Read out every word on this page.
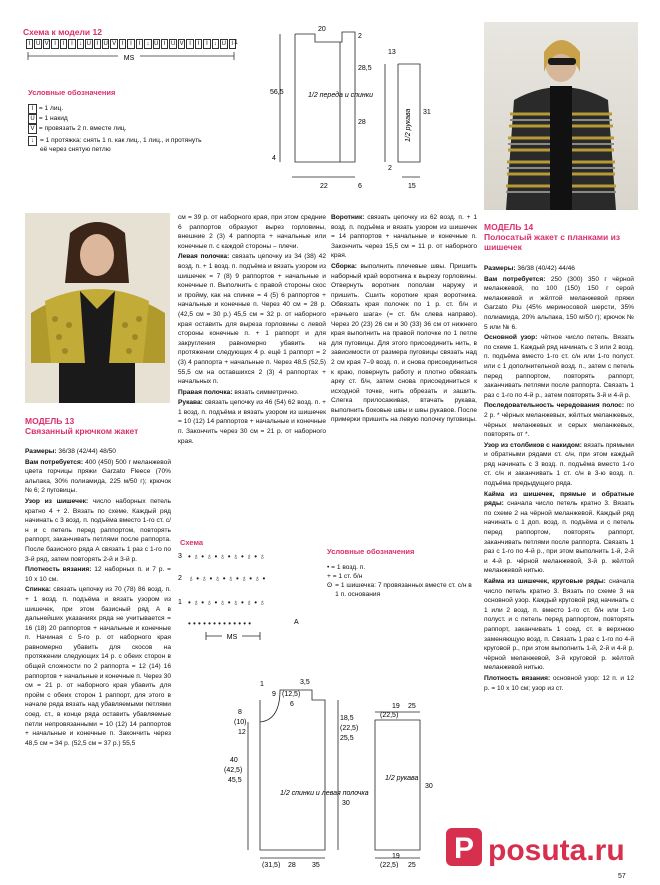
Схема к модели 12
I U V I	I	I	↓ U I U V I	I	I	↓ U I U V I	I	I	↓ U I 1
MS
Условные обозначения
I = 1 лиц.
U = 1 накид
V = провязать 2 п. вместе лиц.
↓ = 1 протяжка: снять 1 п. как лиц., 1 лиц., и протянуть её через снятую петлю
20
2
56,5
28,5
28
1/2 переда и спинки
4
22	6
13
31
2
15
1/2 рукава
МОДЕЛЬ 13
Связанный крючком жакет

Размеры: 36/38 (42/44) 48/50

Вам потребуется: 400 (450) 500 г меланжевой цвета горчицы пряжи Garzato Fleece (70% альпака, 30% полиамида, 225 м/50 г); крючок № 6; 2 пуговицы.

Узор из шишечек: число наборных петель кратно 4 + 2. Вязать по схеме. Каждый ряд начинать с 3 возд. п. подъёма вместо 1-го ст. с/н и с петель перед раппортом, повторять раппорт, заканчивать петлями после раппорта. После базисного ряда А связать 1 раз с 1-го по 3-й ряд, затем повторять 2-й и 3-й р.

Плотность вязания: 12 наборных п. и 7 р. = 10 х 10 см.

Спинка: связать цепочку из 70 (78) 86 возд. п. + 1 возд. п. подъёма и вязать узором из шишечек, при этом базисный ряд А в дальнейших указаниях ряда не учитывается = 16 (18) 20 раппортов + начальные и конечные п. Начиная с 5-го р. от наборного края равномерно убавить для скосов на протяжении следующих 14 р. с обеих сторон в общей сложности по 2 раппорта = 12 (14) 16 раппортов + начальные и конечные п. Через 30 см = 21 р. от наборного края убавить для пройм с обеих сторон 1 раппорт, для этого в начале ряда вязать над убавляемыми петлями соед. ст., в конце ряда оставить убавляемые петли непровязанными = 10 (12) 14 раппортов + начальные и конечные п. Закончить через 48,5 см = 34 р. (52,5 см = 37 р.) 55,5

см = 39 р. от наборного края, при этом средние 6 раппортов образуют вырез горловины, внешние 2 (3) 4 раппорта + начальные или конечные п. с каждой стороны – плечи.

Левая полочка: связать цепочку из 34 (38) 42 возд. п. + 1 возд. п. подъёма и вязать узором из шишечек = 7 (8) 9 раппортов + начальные и конечные п. Выполнить с правой стороны скос и пройму, как на спинке = 4 (5) 6 раппортов + начальные и конечные п. Через 40 см = 28 р. (42,5 см = 30 р.) 45,5 см = 32 р. от наборного края оставить для выреза горловины с левой стороны конечные п. + 1 раппорт и для закругления равномерно убавить на протяжении следующих 4 р. ещё 1 раппорт = 2 (3) 4 раппорта + начальные п. Через 48,5 (52,5) 55,5 см на оставшихся 2 (3) 4 раппортах + начальных п.

Правая полочка: вязать симметрично.

Рукава: связать цепочку из 46 (54) 62 возд. п. + 1 возд. п. подъёма и вязать узором из шишечек = 10 (12) 14 раппортов + начальные и конечные п. Закончить через 30 см = 21 р. от наборного края.

Воротник: связать цепочку из 62 возд. п. + 1 возд. п. подъёма и вязать узором из шишечек = 14 раппортов + начальные и конечные п. Закончить через 15,5 см = 11 р. от наборного края.

Сборка: выполнить плечевые швы. Пришить наборный край воротника к вырезу горловины. Отвернуть воротник пополам наружу и пришить. Сшить короткие края воротника. Обвязать края полочек по 1 р. ст. б/н и «рачьего шага» (= ст. б/н слева направо). Через 20 (23) 26 см и 30 (33) 36 см от нижнего края выполнить на правой полочке по 1 петле для пуговицы. Для этого присоединить нить, в зависимости от размера пуговицы связать над 2 см края 7–9 возд. п. и снова присоединиться к краю, повернуть работу и плотно обвязать арку ст. б/н, затем снова присоединиться к исходной точке, нить обрезать и зашить. Слегка прилосаживая, втачать рукава, выполнить боковые швы и швы рукавов. После примерки пришить на левую полочку пуговицы.

Схема
3
2
1
A
• ♁ • ♁ • ♁ • ♁ • ♁ • ♁
♁ • ♁ • ♁ • ♁ • ♁ • ♁ •
• ♁ • ♁ • ♁ • ♁ • ♁ • ♁
• • • • • • • • • • • • •
MS
Условные обозначения
• = 1 возд. п.
+ = 1 ст. б/н
ʘ = 1 шишечка: 7 провязанных вместе ст. с/н в 1 п. основания
1
9
3,5
(12,5)
6
8
(10)
12
40
(42,5)
45,5
18,5
(22,5)
25,5
30
1/2 спинки и левая полочка
28
(31,5)	35
19
(22,5)
25
1/2 рукава
30
19
(22,5) 25
МОДЕЛЬ 14
Полосатый жакет с планками из шишечек

Размеры: 36/38 (40/42) 44/46

Вам потребуется: 250 (300) 350 г чёрной меланжевой, по 100 (150) 150 г серой меланжевой и жёлтой меланжевой пряжи Garzato Piu (45% мериносовой шерсти, 35% полиамида, 20% альпака, 150 м/50 г); крючок № 5 или № 6.

Основной узор: чётное число петель. Вязать по схеме 1. Каждый ряд начинать с 3 или 2 возд. п. подъёма вместо 1-го ст. с/н или 1-го полуст. или с 1 дополнительной возд. п., затем с петель перед раппортом, повторять раппорт, заканчивать петлями после раппорта. Связать 1 раз с 1-го по 4-й р., затем повторять 3-й и 4-й р.

Последовательность чередования полос: по 2 р. * чёрных меланжевых, жёлтых меланжевых, чёрных меланжевых и серых меланжевых, повторять от *.

Узор из столбиков с накидом: вязать прямыми и обратными рядами ст. с/н, при этом каждый ряд начинать с 3 возд. п. подъёма вместо 1-го ст. с/н и заканчивать 1 ст. с/н в 3-ю возд. п. подъёма предыдущего ряда.

Кайма из шишечек, прямые и обратные ряды: сначала число петель кратно 3. Вязать по схеме 2 на чёрной меланжевой. Каждый ряд начинать с 1 доп. возд. п. подъёма и с петель перед раппортом, повторять раппорт, заканчивать петлями после раппорта. Связать 1 раз с 1-го по 4-й р., при этом выполнить 1-й, 2-й и 4-й р. чёрной меланжевой, 3-й р. жёлтой меланжевой нитью.

Кайма из шишечек, круговые ряды: сначала число петель кратно 3. Вязать по схеме 3 на основной узор. Каждый круговой ряд начинать с 1 или 2 возд. п. вместо 1-го ст. б/н или 1-го полуст. и с петель перед раппортом, повторять раппорт, заканчивать 1 соед. ст. в верхнюю заменяющую возд. п. Связать 1 раз с 1-го по 4-й круговой р., при этом выполнить 1-й, 2-й и 4-й р. чёрной меланжевой, 3-й круговой р. жёлтой меланжевой нитью.

Плотность вязания: основной узор: 12 п. и 12 р. = 10 х 10 см; узор из ст.

P posuta.ru
57
